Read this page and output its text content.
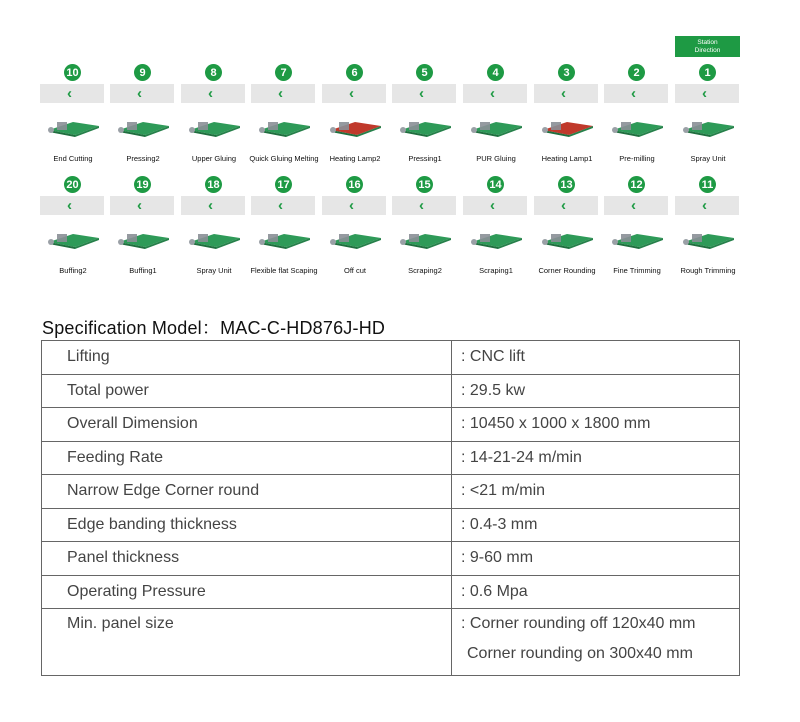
Station
Direction
10
‹
End Cutting
9
‹
Pressing2
8
‹
Upper Gluing
7
‹
Quick Gluing Melting
6
‹
Heating Lamp2
5
‹
Pressing1
4
‹
PUR Gluing
3
‹
Heating Lamp1
2
‹
Pre-milling
1
‹
Spray Unit
20
‹
Buffing2
19
‹
Buffing1
18
‹
Spray Unit
17
‹
Flexible flat Scaping
16
‹
Off cut
15
‹
Scraping2
14
‹
Scraping1
13
‹
Corner Rounding
12
‹
Fine Trimming
11
‹
Rough Trimming
Specification Model：MAC-C-HD876J-HD
Lifting	: CNC lift
Total power	: 29.5 kw
Overall Dimension	: 10450 x 1000 x 1800 mm
Feeding Rate	: 14-21-24 m/min
Narrow Edge Corner round	: <21 m/min
Edge banding thickness	: 0.4-3 mm
Panel thickness	: 9-60 mm
Operating Pressure	: 0.6 Mpa
Min. panel size	: Corner rounding off 120x40 mm
Corner rounding on 300x40 mm
